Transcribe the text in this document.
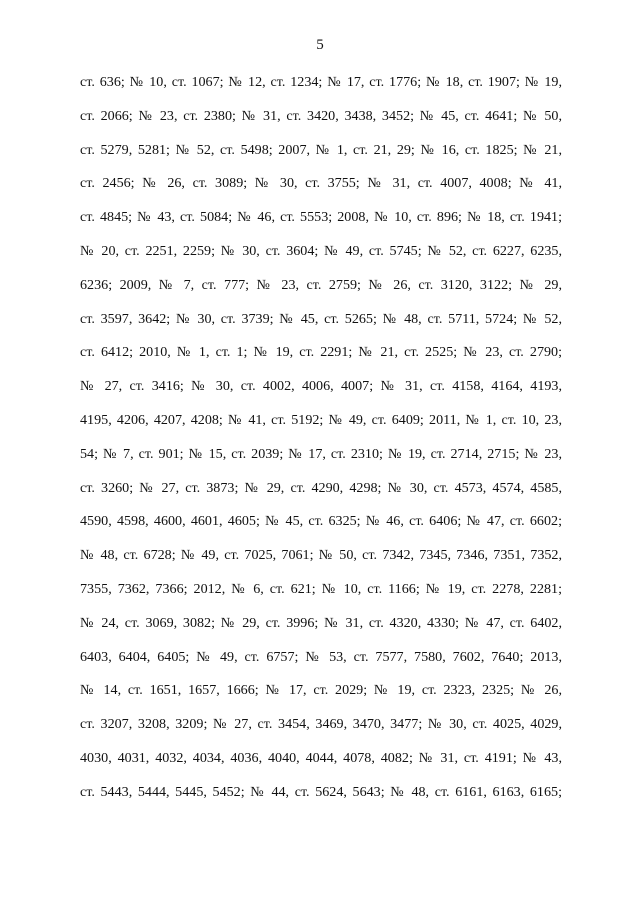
5
ст. 636; № 10, ст. 1067; № 12, ст. 1234; № 17, ст. 1776; № 18, ст. 1907; № 19,
ст. 2066; № 23, ст. 2380; № 31, ст. 3420, 3438, 3452; № 45, ст. 4641; № 50,
ст. 5279, 5281; № 52, ст. 5498; 2007, № 1, ст. 21, 29; № 16, ст. 1825; № 21,
ст. 2456; № 26, ст. 3089; № 30, ст. 3755; № 31, ст. 4007, 4008; № 41,
ст. 4845; № 43, ст. 5084; № 46, ст. 5553; 2008, № 10, ст. 896; № 18, ст. 1941;
№ 20, ст. 2251, 2259; № 30, ст. 3604; № 49, ст. 5745; № 52, ст. 6227, 6235,
6236; 2009, № 7, ст. 777; № 23, ст. 2759; № 26, ст. 3120, 3122; № 29,
ст. 3597, 3642; № 30, ст. 3739; № 45, ст. 5265; № 48, ст. 5711, 5724; № 52,
ст. 6412; 2010, № 1, ст. 1; № 19, ст. 2291; № 21, ст. 2525; № 23, ст. 2790;
№ 27, ст. 3416; № 30, ст. 4002, 4006, 4007; № 31, ст. 4158, 4164, 4193,
4195, 4206, 4207, 4208; № 41, ст. 5192; № 49, ст. 6409; 2011, № 1, ст. 10, 23,
54; № 7, ст. 901; № 15, ст. 2039; № 17, ст. 2310; № 19, ст. 2714, 2715; № 23,
ст. 3260; № 27, ст. 3873; № 29, ст. 4290, 4298; № 30, ст. 4573, 4574, 4585,
4590, 4598, 4600, 4601, 4605; № 45, ст. 6325; № 46, ст. 6406; № 47, ст. 6602;
№ 48, ст. 6728; № 49, ст. 7025, 7061; № 50, ст. 7342, 7345, 7346, 7351, 7352,
7355, 7362, 7366; 2012, № 6, ст. 621; № 10, ст. 1166; № 19, ст. 2278, 2281;
№ 24, ст. 3069, 3082; № 29, ст. 3996; № 31, ст. 4320, 4330; № 47, ст. 6402,
6403, 6404, 6405; № 49, ст. 6757; № 53, ст. 7577, 7580, 7602, 7640; 2013,
№ 14, ст. 1651, 1657, 1666; № 17, ст. 2029; № 19, ст. 2323, 2325; № 26,
ст. 3207, 3208, 3209; № 27, ст. 3454, 3469, 3470, 3477; № 30, ст. 4025, 4029,
4030, 4031, 4032, 4034, 4036, 4040, 4044, 4078, 4082; № 31, ст. 4191; № 43,
ст. 5443, 5444, 5445, 5452; № 44, ст. 5624, 5643; № 48, ст. 6161, 6163, 6165;
